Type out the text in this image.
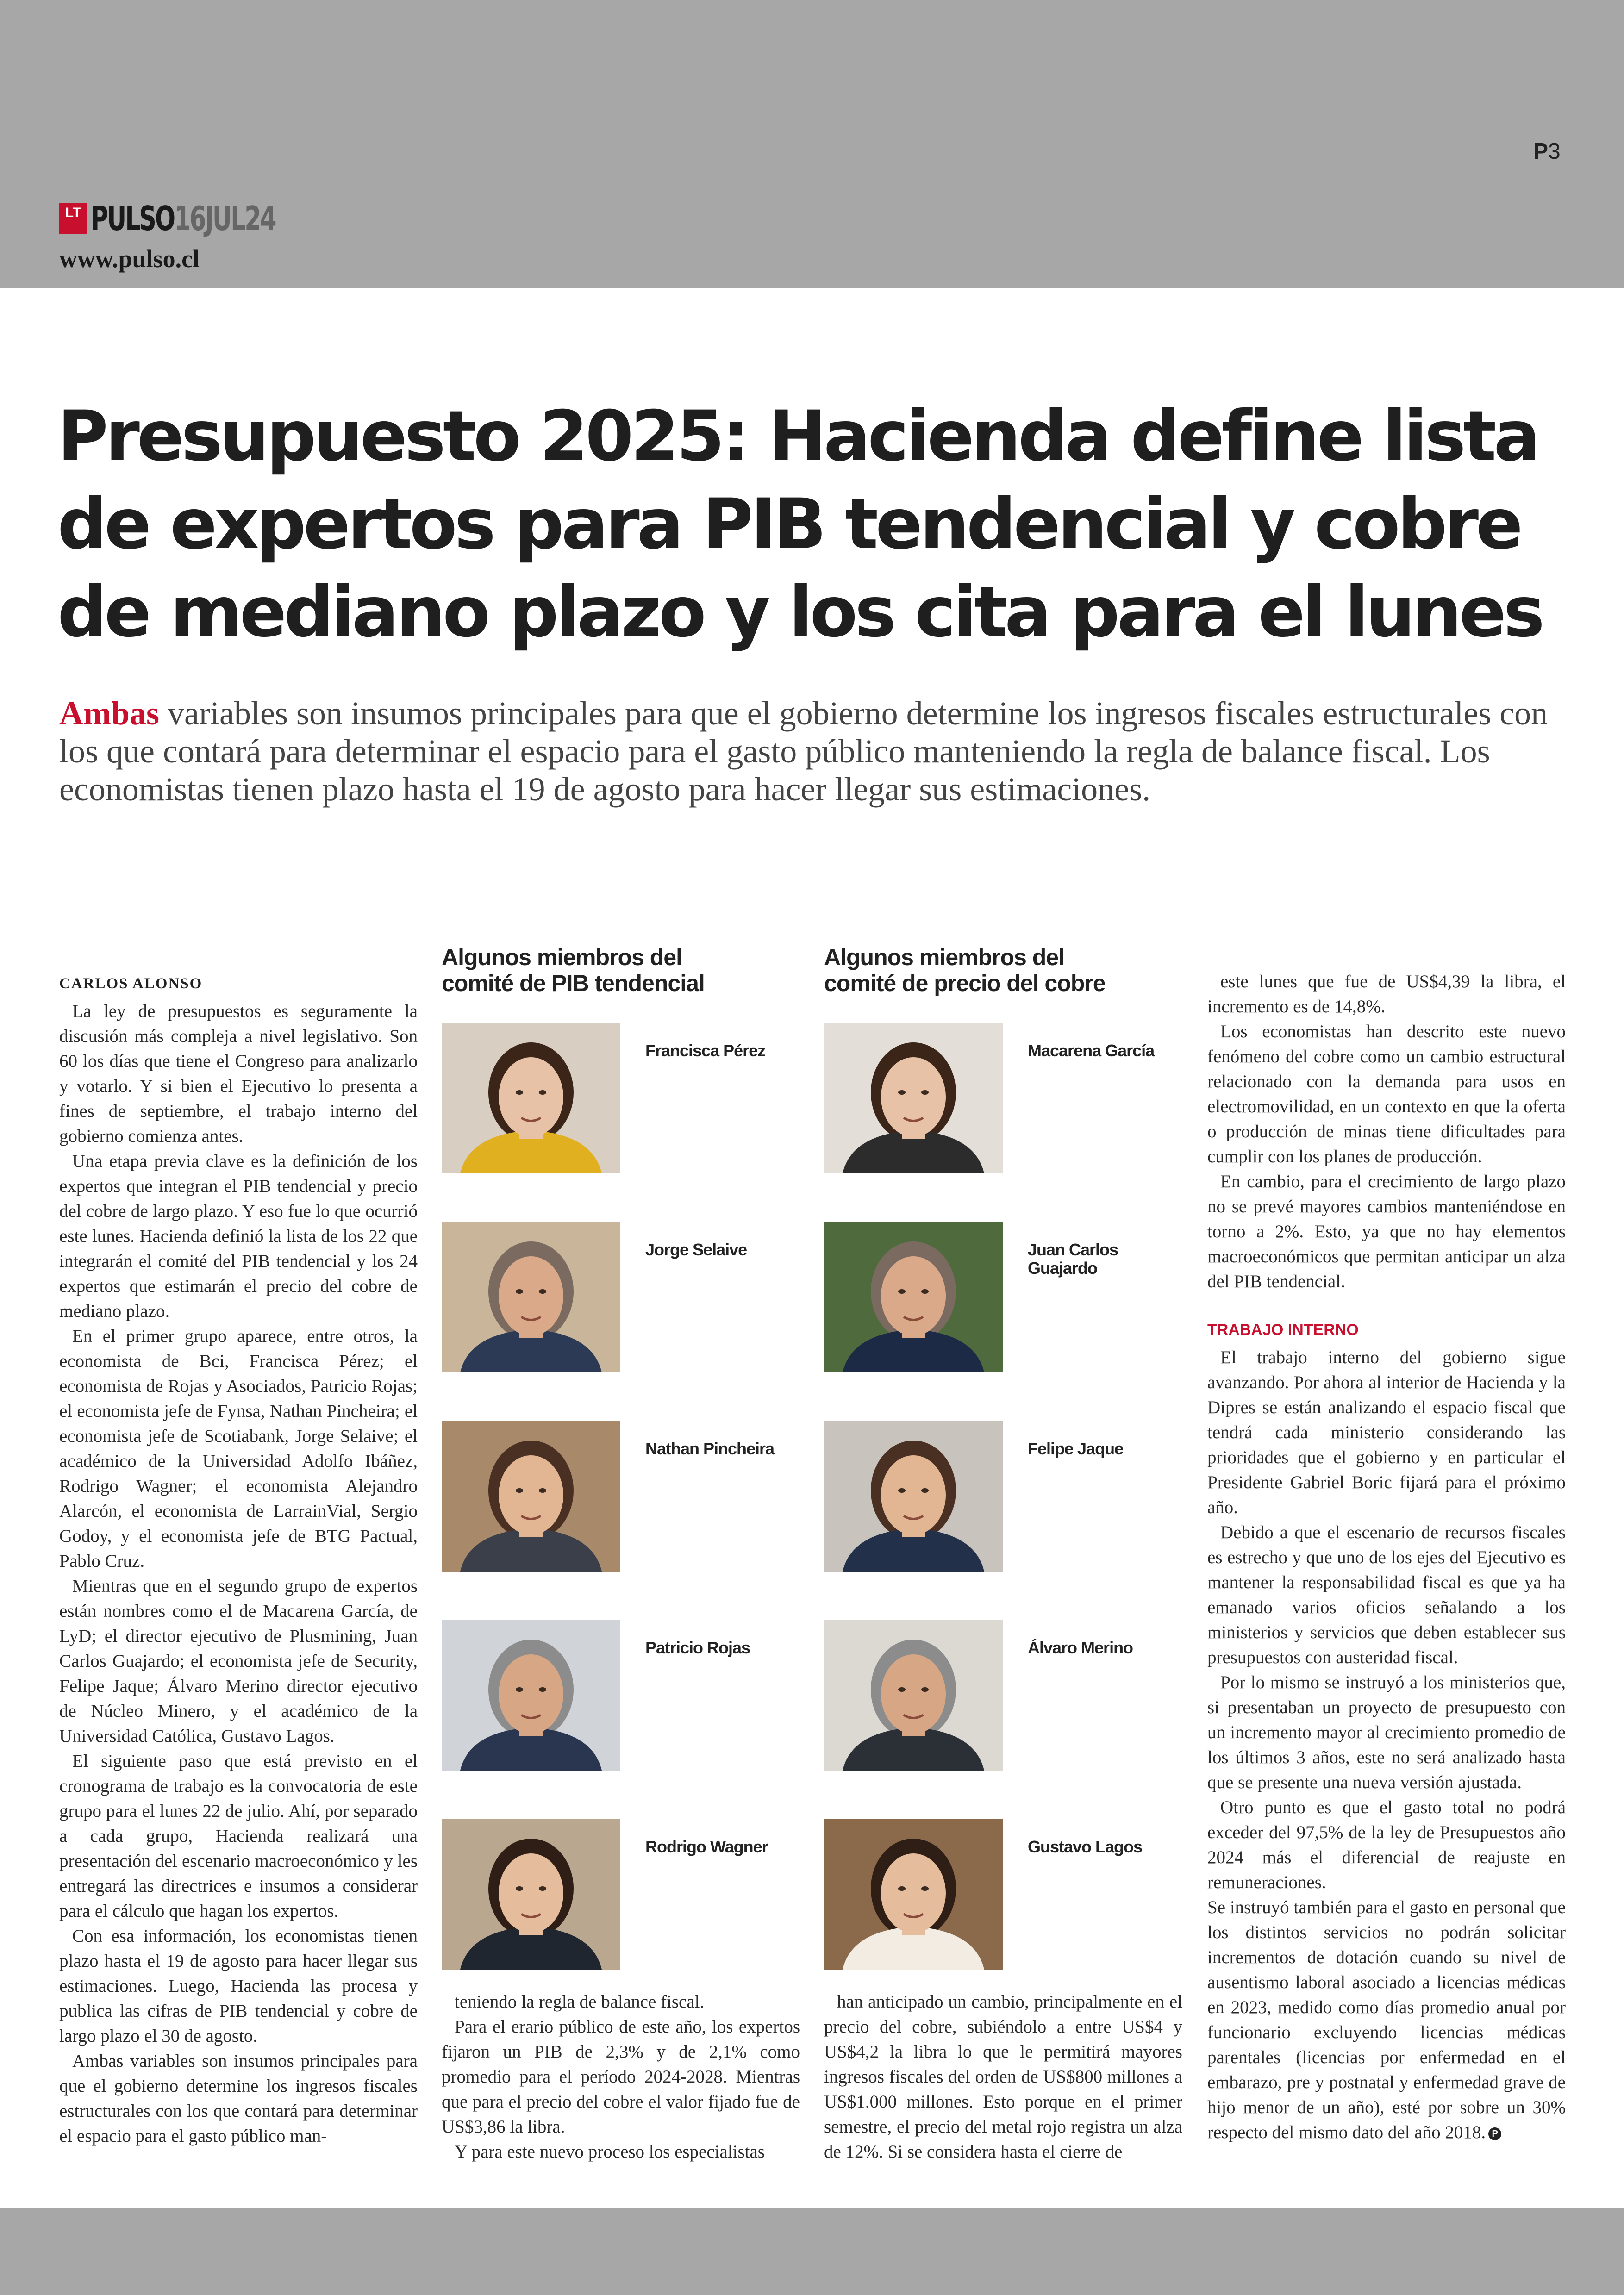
P3
LT PULSO16JUL24
www.pulso.cl
Presupuesto 2025: Hacienda define lista de expertos para PIB tendencial y cobre de mediano plazo y los cita para el lunes

Ambas variables son insumos principales para que el gobierno determine los ingresos fiscales estructurales con los que contará para determinar el espacio para el gasto público manteniendo la regla de balance fiscal. Los economistas tienen plazo hasta el 19 de agosto para hacer llegar sus estimaciones.

CARLOS ALONSO

La ley de presupuestos es seguramente la discusión más compleja a nivel legislativo. Son 60 los días que tiene el Congreso para analizarlo y votarlo. Y si bien el Ejecutivo lo presenta a fines de septiembre, el trabajo interno del gobierno comienza antes.

Una etapa previa clave es la definición de los expertos que integran el PIB tendencial y precio del cobre de largo plazo. Y eso fue lo que ocurrió este lunes. Hacienda definió la lista de los 22 que integrarán el comité del PIB tendencial y los 24 expertos que estimarán el precio del cobre de mediano plazo.

En el primer grupo aparece, entre otros, la economista de Bci, Francisca Pérez; el economista de Rojas y Asociados, Patricio Rojas; el economista jefe de Fynsa, Nathan Pincheira; el economista jefe de Scotiabank, Jorge Selaive; el académico de la Universidad Adolfo Ibáñez, Rodrigo Wagner; el economista Alejandro Alarcón, el economista de LarrainVial, Sergio Godoy, y el economista jefe de BTG Pactual, Pablo Cruz.

Mientras que en el segundo grupo de expertos están nombres como el de Macarena García, de LyD; el director ejecutivo de Plusmining, Juan Carlos Guajardo; el economista jefe de Security, Felipe Jaque; Álvaro Merino director ejecutivo de Núcleo Minero, y el académico de la Universidad Católica, Gustavo Lagos.

El siguiente paso que está previsto en el cronograma de trabajo es la convocatoria de este grupo para el lunes 22 de julio. Ahí, por separado a cada grupo, Hacienda realizará una presentación del escenario macroeconómico y les entregará las directrices e insumos a considerar para el cálculo que hagan los expertos.

Con esa información, los economistas tienen plazo hasta el 19 de agosto para hacer llegar sus estimaciones. Luego, Hacienda las procesa y publica las cifras de PIB tendencial y cobre de largo plazo el 30 de agosto.

Ambas variables son insumos principales para que el gobierno determine los ingresos fiscales estructurales con los que contará para determinar el espacio para el gasto público man-

Algunos miembros del
comité de PIB tendencial
Francisca Pérez
Jorge Selaive
Nathan Pincheira
Patricio Rojas
Rodrigo Wagner
Algunos miembros del
comité de precio del cobre
Macarena García
Juan Carlos Guajardo
Felipe Jaque
Álvaro Merino
Gustavo Lagos

teniendo la regla de balance fiscal.

Para el erario público de este año, los expertos fijaron un PIB de 2,3% y de 2,1% como promedio para el período 2024-2028. Mientras que para el precio del cobre el valor fijado fue de US$3,86 la libra.

Y para este nuevo proceso los especialistas

han anticipado un cambio, principalmente en el precio del cobre, subiéndolo a entre US$4 y US$4,2 la libra lo que le permitirá mayores ingresos fiscales del orden de US$800 millones a US$1.000 millones. Esto porque en el primer semestre, el precio del metal rojo registra un alza de 12%. Si se considera hasta el cierre de

este lunes que fue de US$4,39 la libra, el incremento es de 14,8%.

Los economistas han descrito este nuevo fenómeno del cobre como un cambio estructural relacionado con la demanda para usos en electromovilidad, en un contexto en que la oferta o producción de minas tiene dificultades para cumplir con los planes de producción.

En cambio, para el crecimiento de largo plazo no se prevé mayores cambios manteniéndose en torno a 2%. Esto, ya que no hay elementos macroeconómicos que permitan anticipar un alza del PIB tendencial.

TRABAJO INTERNO

El trabajo interno del gobierno sigue avanzando. Por ahora al interior de Hacienda y la Dipres se están analizando el espacio fiscal que tendrá cada ministerio considerando las prioridades que el gobierno y en particular el Presidente Gabriel Boric fijará para el próximo año.

Debido a que el escenario de recursos fiscales es estrecho y que uno de los ejes del Ejecutivo es mantener la responsabilidad fiscal es que ya ha emanado varios oficios señalando a los ministerios y servicios que deben establecer sus presupuestos con austeridad fiscal.

Por lo mismo se instruyó a los ministerios que, si presentaban un proyecto de presupuesto con un incremento mayor al crecimiento promedio de los últimos 3 años, este no será analizado hasta que se presente una nueva versión ajustada.

Otro punto es que el gasto total no podrá exceder del 97,5% de la ley de Presupuestos año 2024 más el diferencial de reajuste en remuneraciones.

Se instruyó también para el gasto en personal que los distintos servicios no podrán solicitar incrementos de dotación cuando su nivel de ausentismo laboral asociado a licencias médicas en 2023, medido como días promedio anual por funcionario excluyendo licencias médicas parentales (licencias por enfermedad en el embarazo, pre y postnatal y enfermedad grave de hijo menor de un año), esté por sobre un 30% respecto del mismo dato del año 2018. P
